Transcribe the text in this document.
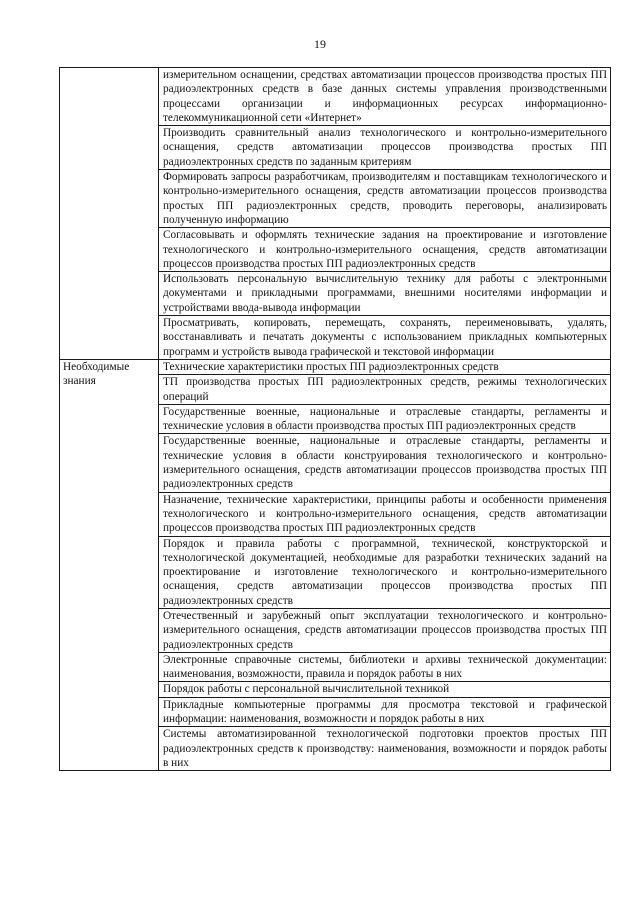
19
	измерительном оснащении, средствах автоматизации процессов производства простых ПП радиоэлектронных средств в базе данных системы управления производственными процессами организации и информационных ресурсах информационно-телекоммуникационной сети «Интернет»
	Производить сравнительный анализ технологического и контрольно-измерительного оснащения, средств автоматизации процессов производства простых ПП радиоэлектронных средств по заданным критериям
	Формировать запросы разработчикам, производителям и поставщикам технологического и контрольно-измерительного оснащения, средств автоматизации процессов производства простых ПП радиоэлектронных средств, проводить переговоры, анализировать полученную информацию
	Согласовывать и оформлять технические задания на проектирование и изготовление технологического и контрольно-измерительного оснащения, средств автоматизации процессов производства простых ПП радиоэлектронных средств
	Использовать персональную вычислительную технику для работы с электронными документами и прикладными программами, внешними носителями информации и устройствами ввода-вывода информации
	Просматривать, копировать, перемещать, сохранять, переименовывать, удалять, восстанавливать и печатать документы с использованием прикладных компьютерных программ и устройств вывода графической и текстовой информации
Необходимые знания	Технические характеристики простых ПП радиоэлектронных средств
	ТП производства простых ПП радиоэлектронных средств, режимы технологических операций
	Государственные военные, национальные и отраслевые стандарты, регламенты и технические условия в области производства простых ПП радиоэлектронных средств
	Государственные военные, национальные и отраслевые стандарты, регламенты и технические условия в области конструирования технологического и контрольно-измерительного оснащения, средств автоматизации процессов производства простых ПП радиоэлектронных средств
	Назначение, технические характеристики, принципы работы и особенности применения технологического и контрольно-измерительного оснащения, средств автоматизации процессов производства простых ПП радиоэлектронных средств
	Порядок и правила работы с программной, технической, конструкторской и технологической документацией, необходимые для разработки технических заданий на проектирование и изготовление технологического и контрольно-измерительного оснащения, средств автоматизации процессов производства простых ПП радиоэлектронных средств
	Отечественный и зарубежный опыт эксплуатации технологического и контрольно-измерительного оснащения, средств автоматизации процессов производства простых ПП радиоэлектронных средств
	Электронные справочные системы, библиотеки и архивы технической документации: наименования, возможности, правила и порядок работы в них
	Порядок работы с персональной вычислительной техникой
	Прикладные компьютерные программы для просмотра текстовой и графической информации: наименования, возможности и порядок работы в них
	Системы автоматизированной технологической подготовки проектов простых ПП радиоэлектронных средств к производству: наименования, возможности и порядок работы в них
